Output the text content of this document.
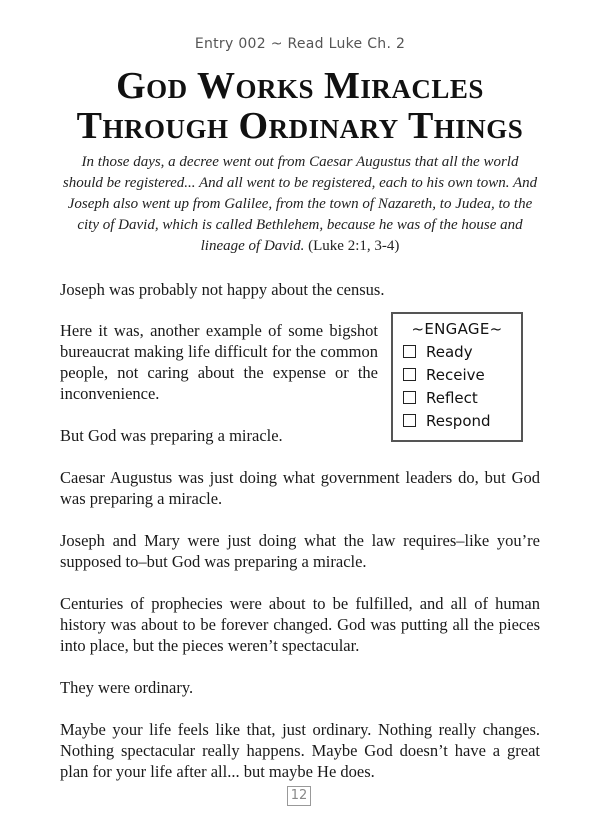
Entry 002 ~ Read Luke Ch. 2
God Works Miracles
Through Ordinary Things
In those days, a decree went out from Caesar Augustus that all the world should be registered... And all went to be registered, each to his own town. And Joseph also went up from Galilee, from the town of Nazareth, to Judea, to the city of David, which is called Bethlehem, because he was of the house and lineage of David. (Luke 2:1, 3-4)

Joseph was probably not happy about the census.

Here it was, another example of some bigshot bureaucrat making life difficult for the common people, not caring about the expense or the inconvenience.

But God was preparing a miracle.

Caesar Augustus was just doing what government leaders do, but God was preparing a miracle.

Joseph and Mary were just doing what the law requires–like you’re supposed to–but God was preparing a miracle.

Centuries of prophecies were about to be fulfilled, and all of human history was about to be forever changed. God was putting all the pieces into place, but the pieces weren’t spectacular.

They were ordinary.

Maybe your life feels like that, just ordinary. Nothing really changes. Nothing spectacular really happens. Maybe God doesn’t have a great plan for your life after all... but maybe He does.

~ENGAGE~
Ready
Receive
Reflect
Respond
12
